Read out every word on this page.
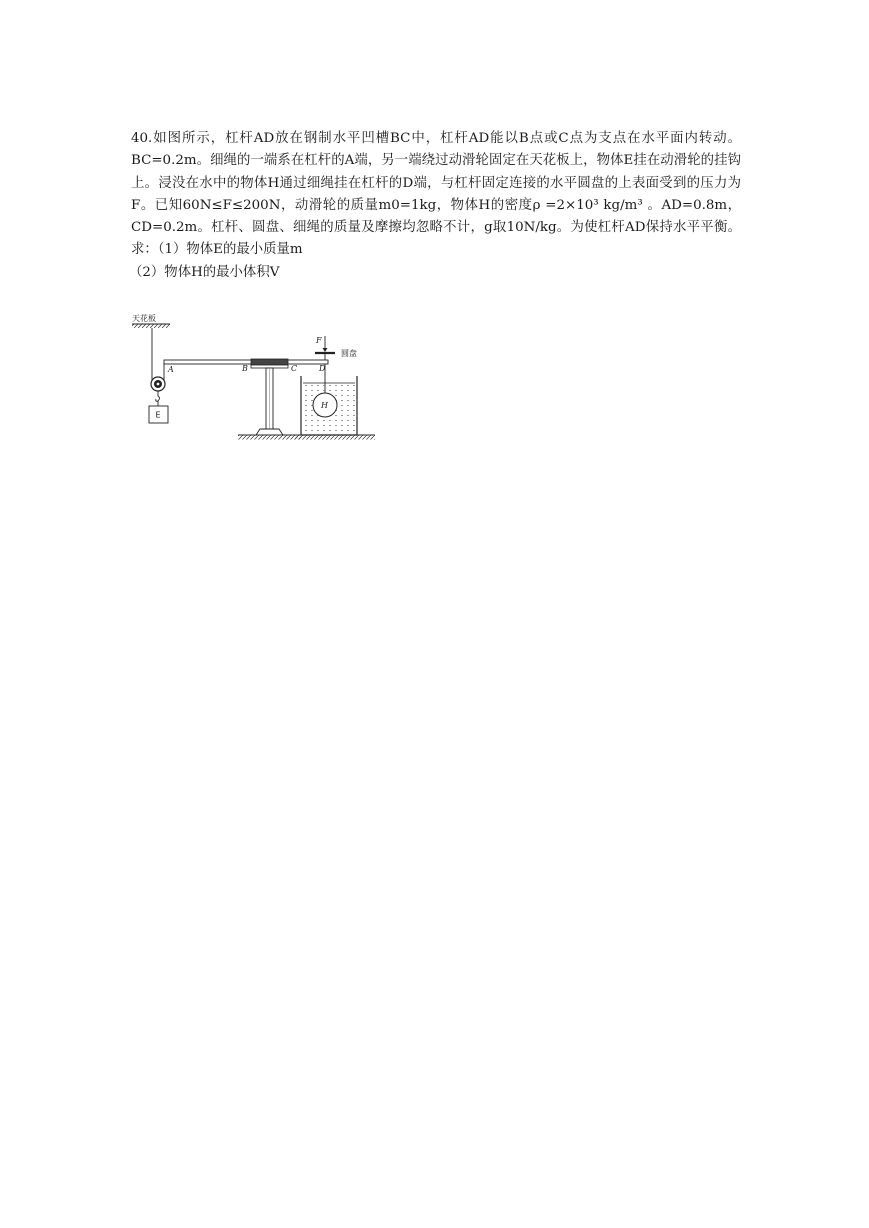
40.如图所示，杠杆AD放在钢制水平凹槽BC中，杠杆AD能以B点或C点为支点在水平面内转动。BC=0.2m。细绳的一端系在杠杆的A端，另一端绕过动滑轮固定在天花板上，物体E挂在动滑轮的挂钩上。浸没在水中的物体H通过细绳挂在杠杆的D端，与杠杆固定连接的水平圆盘的上表面受到的压力为F。已知60N≤F≤200N，动滑轮的质量m0=1kg，物体H的密度ρ =2×10³ kg/m³ 。AD=0.8m，CD=0.2m。杠杆、圆盘、细绳的质量及摩擦均忽略不计，g取10N/kg。为使杠杆AD保持水平平衡。求：（1）物体E的最小质量m

（2）物体H的最小体积V

天花板
E
A	B	C	D
F
圆盘
H
